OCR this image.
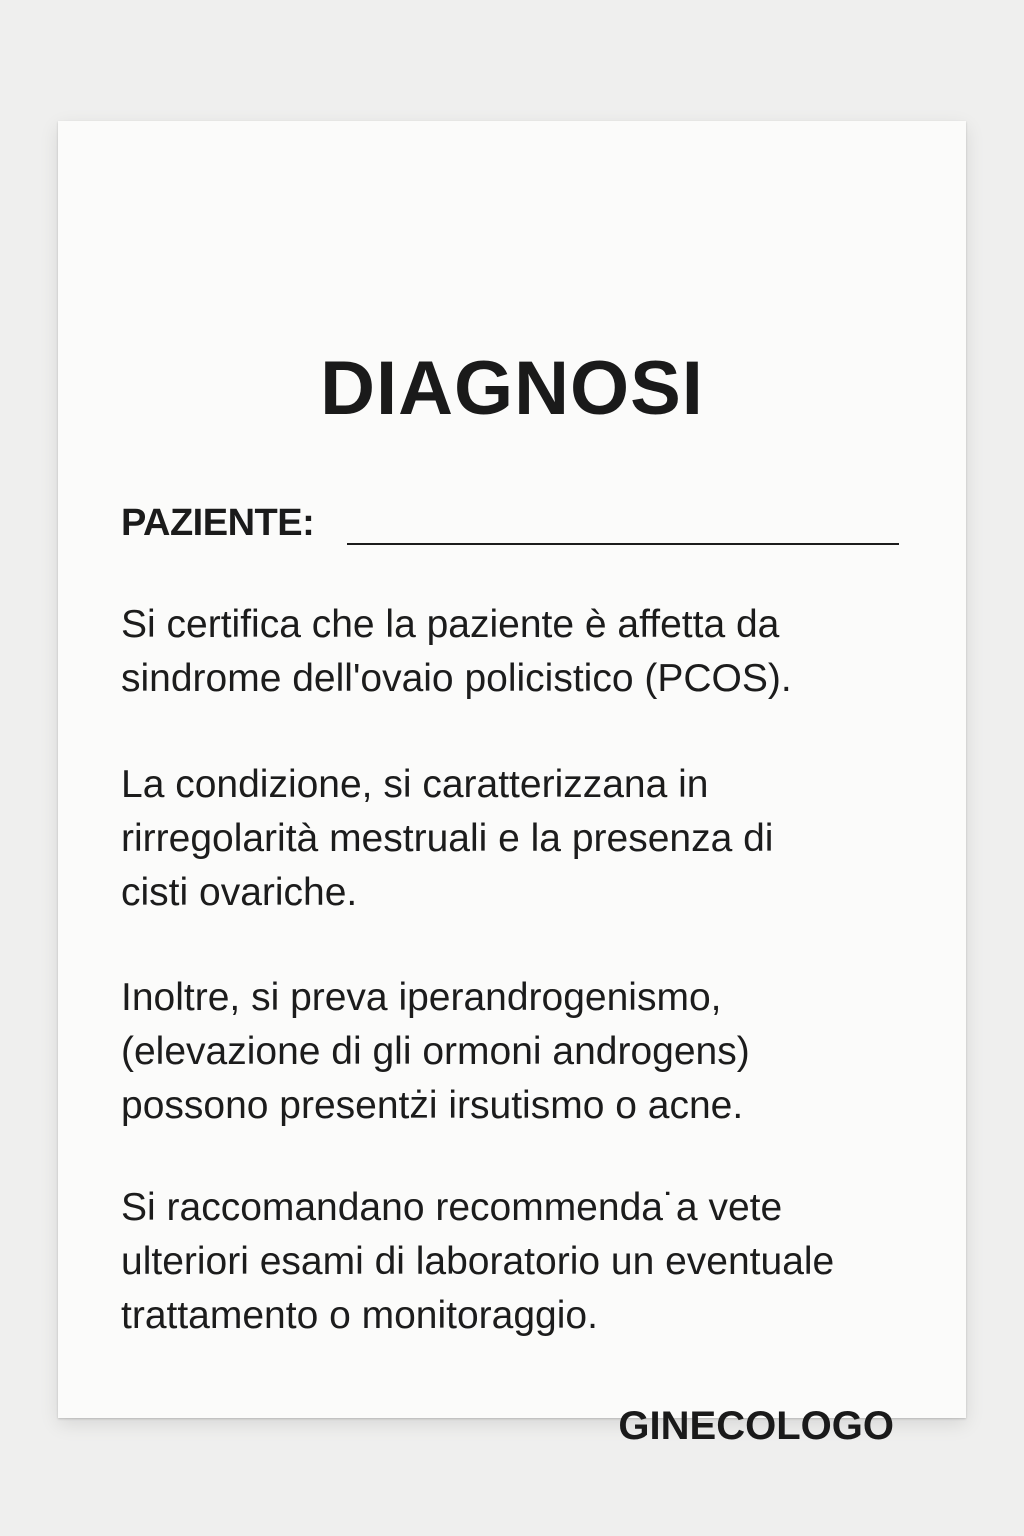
DIAGNOSI
PAZIENTE:

Si certifica che la paziente è affetta da
sindrome dell'ovaio policistico (PCOS).

La condizione, si caratterizzana in
rirregolarità mestruali e la presenza di
cisti ovariche.

Inoltre, si preva iperandrogenismo,
(elevazione di gli ormoni androgens)
possono presentżi irsutismo o acne.

Si raccomandano recommenda˙a vete
ulteriori esami di laboratorio un eventuale
trattamento o monitoraggio.

GINECOLOGO
